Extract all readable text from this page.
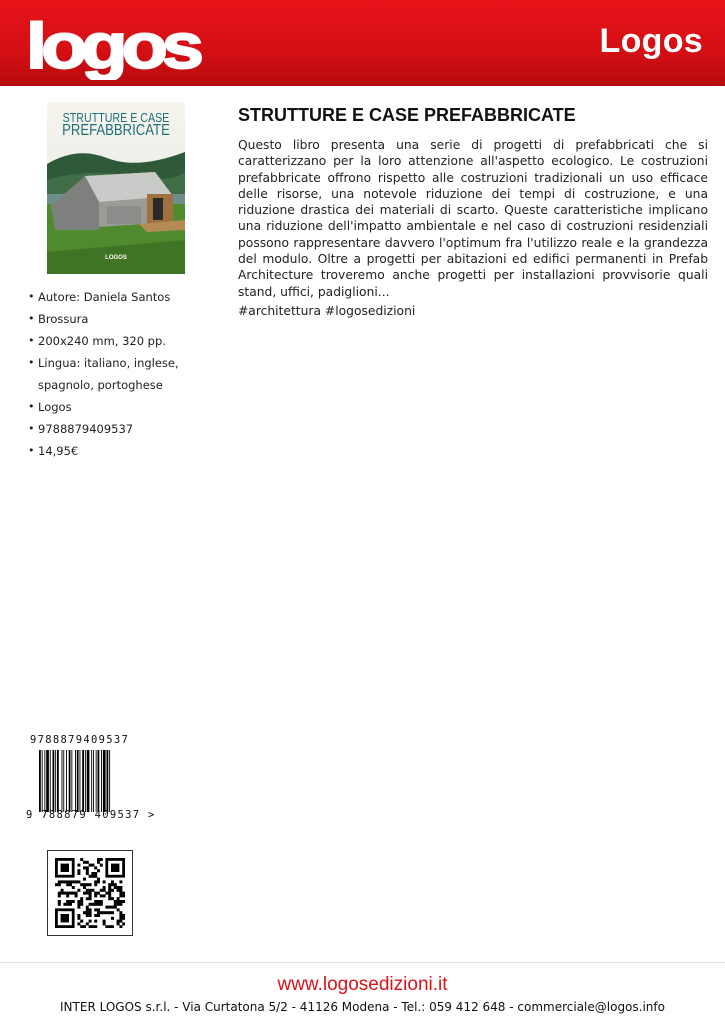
logos	Logos
STRUTTURE E CASE
PREFABBRICATE
LOGOS
• Autore: Daniela Santos
• Brossura
• 200x240 mm, 320 pp.
• Lingua: italiano, inglese, spagnolo, portoghese
• Logos
• 9788879409537
• 14,95€
STRUTTURE E CASE PREFABBRICATE

Questo libro presenta una serie di progetti di prefabbricati che si caratterizzano per la loro attenzione all'aspetto ecologico. Le costruzioni prefabbricate offrono rispetto alle costruzioni tradizionali un uso efficace delle risorse, una notevole riduzione dei tempi di costruzione, e una riduzione drastica dei materiali di scarto. Queste caratteristiche implicano una riduzione dell'impatto ambientale e nel caso di costruzioni residenziali possono rappresentare davvero l'optimum fra l'utilizzo reale e la grandezza del modulo. Oltre a progetti per abitazioni ed edifici permanenti in Prefab Architecture troveremo anche progetti per installazioni provvisorie quali stand, uffici, padiglioni...

#architettura #logosedizioni
9788879409537
9 788879 409537 >
www.logosedizioni.it
INTER LOGOS s.r.l. - Via Curtatona 5/2 - 41126 Modena - Tel.: 059 412 648 - commerciale@logos.info
